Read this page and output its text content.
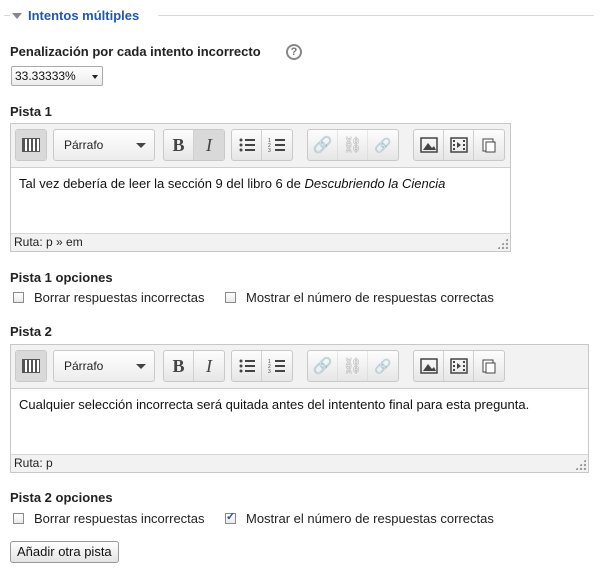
Intentos múltiples
Penalización por cada intento incorrecto	?
33.33333%
Pista 1
Párrafo	B I	1
2
3	🔗 ⛓ 🔗
Tal vez debería de leer la sección 9 del libro 6 de Descubriendo la Ciencia
Ruta: p » em
Pista 1 opciones
Borrar respuestas incorrectas	Mostrar el número de respuestas correctas
Pista 2
Párrafo	B I	1
2
3	🔗 ⛓ 🔗
Cualquier selección incorrecta será quitada antes del intentento final para esta pregunta.
Ruta: p
Pista 2 opciones
Borrar respuestas incorrectas
✓	Mostrar el número de respuestas correctas
Añadir otra pista
